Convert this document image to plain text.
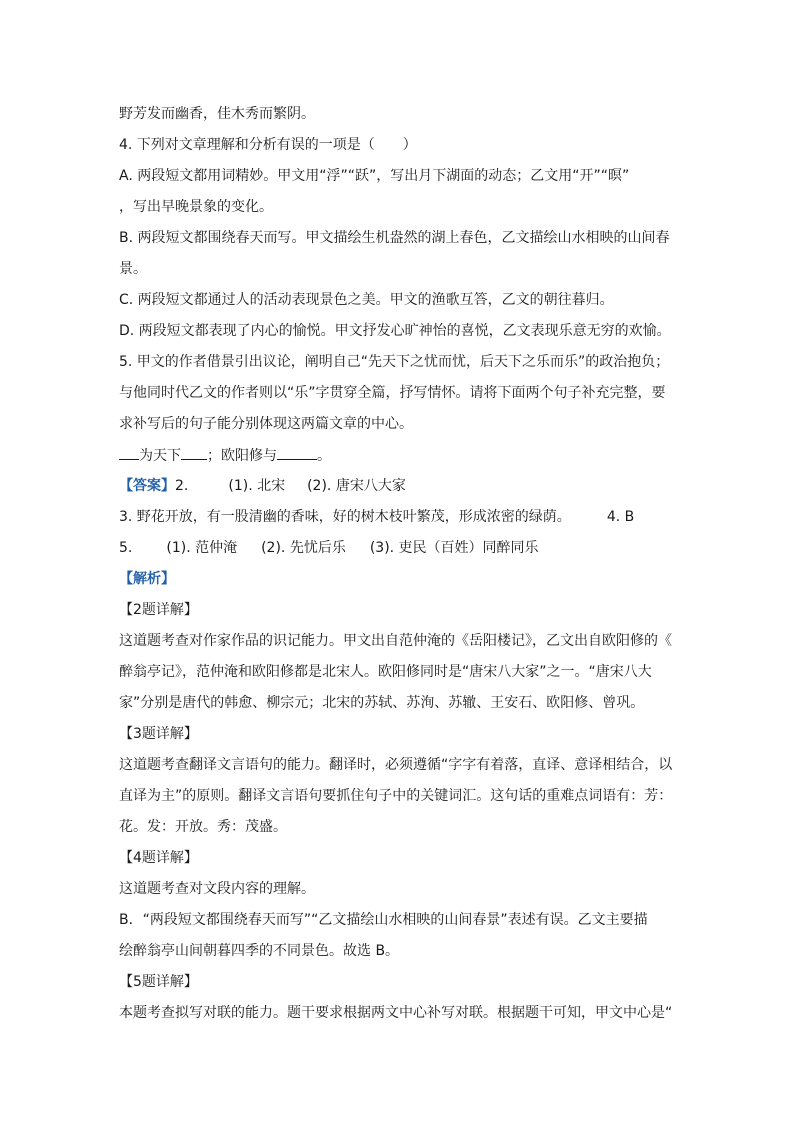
野芳发而幽香，佳木秀而繁阴。
4. 下列对文章理解和分析有误的一项是（　　）
A. 两段短文都用词精妙。甲文用“浮”“跃”，写出月下湖面的动态；乙文用“开”“暝”
，写出早晚景象的变化。
B. 两段短文都围绕春天而写。甲文描绘生机盎然的湖上春色，乙文描绘山水相映的山间春
景。
C. 两段短文都通过人的活动表现景色之美。甲文的渔歌互答，乙文的朝往暮归。
D. 两段短文都表现了内心的愉悦。甲文抒发心旷神怡的喜悦，乙文表现乐意无穷的欢愉。
5. 甲文的作者借景引出议论，阐明自己“先天下之忧而忧，后天下之乐而乐”的政治抱负；
与他同时代乙文的作者则以“乐”字贯穿全篇，抒写情怀。请将下面两个句子补充完整，要
求补写后的句子能分别体现这两篇文章的中心。
为天下 ；欧阳修与	。
【答案】2.	(1). 北宋 (2). 唐宋八大家
3. 野花开放，有一股清幽的香味，好的树木枝叶繁茂，形成浓密的绿荫。	4. B
5. (1). 范仲淹 (2). 先忧后乐 (3). 吏民（百姓）同醉同乐
【解析】
【2题详解】
这道题考查对作家作品的识记能力。甲文出自范仲淹的《岳阳楼记》，乙文出自欧阳修的《
醉翁亭记》，范仲淹和欧阳修都是北宋人。欧阳修同时是“唐宋八大家”之一。“唐宋八大
家”分别是唐代的韩愈、柳宗元；北宋的苏轼、苏洵、苏辙、王安石、欧阳修、曾巩。
【3题详解】
这道题考查翻译文言语句的能力。翻译时，必须遵循“字字有着落，直译、意译相结合，以
直译为主”的原则。翻译文言语句要抓住句子中的关键词汇。这句话的重难点词语有：芳：
花。发：开放。秀：茂盛。
【4题详解】
这道题考查对文段内容的理解。
B．“两段短文都围绕春天而写”“乙文描绘山水相映的山间春景”表述有误。乙文主要描
绘醉翁亭山间朝暮四季的不同景色。故选 B。
【5题详解】
本题考查拟写对联的能力。题干要求根据两文中心补写对联。根据题干可知，甲文中心是“
